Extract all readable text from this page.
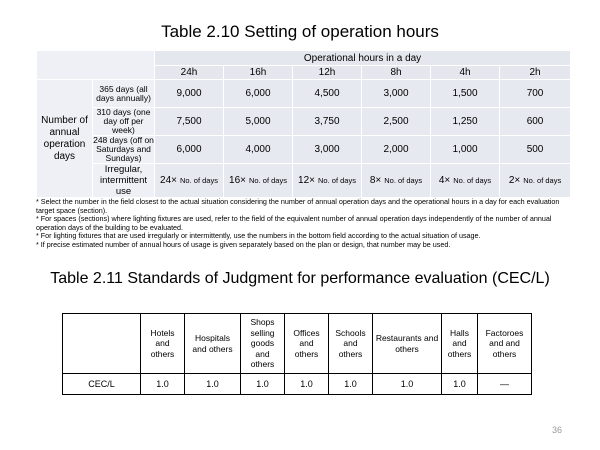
Table 2.10 Setting of operation hours
		Operational hours in a day					
		24h	16h	12h	8h	4h	2h
Number of annual operation days	365 days (all days annually)	9,000	6,000	4,500	3,000	1,500	700
	310 days (one day off per week)	7,500	5,000	3,750	2,500	1,250	600
	248 days (off on Saturdays and Sundays)	6,000	4,000	3,000	2,000	1,000	500
	Irregular, intermittent use	24× No. of days	16× No. of days	12× No. of days	8× No. of days	4× No. of days	2× No. of days
* Select the number in the field closest to the actual situation considering the number of annual operation days and the operational hours in a day for each evaluation target space (section).
* For spaces (sections) where lighting fixtures are used, refer to the field of the equivalent number of annual operation days independently of the number of annual operation days of the building to be evaluated.
* For lighting fixtures that are used irregularly or intermittently, use the numbers in the bottom field according to the actual situation of usage.
* If precise estimated number of annual hours of usage is given separately based on the plan or design, that number may be used.
Table 2.11 Standards of Judgment for performance evaluation (CEC/L)
	Hotels and others	Hospitals and others	Shops selling goods and others	Offices and others	Schools and others	Restaurants and others	Halls and others	Factoroes and and others
CEC/L	1.0	1.0	1.0	1.0	1.0	1.0	1.0	―
36
